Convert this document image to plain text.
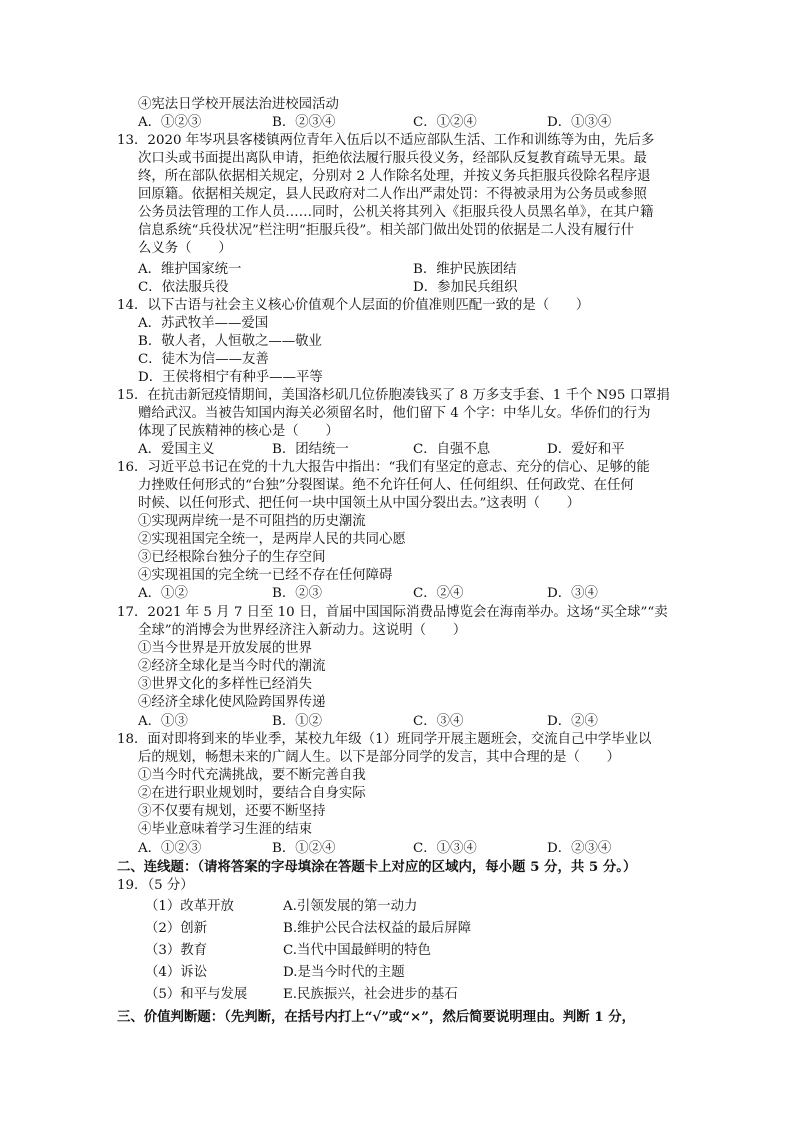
④宪法日学校开展法治进校园活动
A．①②③	B．②③④	C．①②④	D．①③④
13．2020 年岑巩县客楼镇两位青年入伍后以不适应部队生活、工作和训练等为由，先后多
次口头或书面提出离队申请，拒绝依法履行服兵役义务，经部队反复教育疏导无果。最
终，所在部队依据相关规定，分别对 2 人作除名处理，并按义务兵拒服兵役除名程序退
回原籍。依据相关规定，县人民政府对二人作出严肃处罚：不得被录用为公务员或参照
公务员法管理的工作人员……同时，公机关将其列入《拒服兵役人员黑名单》，在其户籍
信息系统“兵役状况”栏注明“拒服兵役”。相关部门做出处罚的依据是二人没有履行什
么义务（　　）
A．维护国家统一	B．维护民族团结
C．依法服兵役	D．参加民兵组织
14．以下古语与社会主义核心价值观个人层面的价值准则匹配一致的是（　　）
A．苏武牧羊——爱国
B．敬人者，人恒敬之——敬业
C．徒木为信——友善
D．王侯将相宁有种乎——平等
15．在抗击新冠疫情期间，美国洛杉矶几位侨胞凑钱买了 8 万多支手套、1 千个 N95 口罩捐
赠给武汉。当被告知国内海关必须留名时，他们留下 4 个字：中华儿女。华侨们的行为
体现了民族精神的核心是（　　）
A．爱国主义	B．团结统一	C．自强不息	D．爱好和平
16．习近平总书记在党的十九大报告中指出：“我们有坚定的意志、充分的信心、足够的能
力挫败任何形式的“台独”分裂图谋。绝不允许任何人、任何组织、任何政党、在任何
时候、以任何形式、把任何一块中国领土从中国分裂出去。”这表明（　　）
①实现两岸统一是不可阻挡的历史潮流
②实现祖国完全统一，是两岸人民的共同心愿
③已经根除台独分子的生存空间
④实现祖国的完全统一已经不存在任何障碍
A．①②	B．②③	C．②④	D．③④
17．2021 年 5 月 7 日至 10 日，首届中国国际消费品博览会在海南举办。这场“买全球”“卖
全球”的消博会为世界经济注入新动力。这说明（　　）
①当今世界是开放发展的世界
②经济全球化是当今时代的潮流
③世界文化的多样性已经消失
④经济全球化使风险跨国界传递
A．①③	B．①②	C．③④	D．②④
18．面对即将到来的毕业季，某校九年级（1）班同学开展主题班会，交流自己中学毕业以
后的规划，畅想未来的广阔人生。以下是部分同学的发言，其中合理的是（　　）
①当今时代充满挑战，要不断完善自我
②在进行职业规划时，要结合自身实际
③不仅要有规划，还要不断坚持
④毕业意味着学习生涯的结束
A．①②③	B．①②④	C．①③④	D．②③④
二、连线题：（请将答案的字母填涂在答题卡上对应的区域内，每小题 5 分，共 5 分。）
19．（5 分）
（1）改革开放	A.引领发展的第一动力
（2）创新	B.维护公民合法权益的最后屏障
（3）教育	C.当代中国最鲜明的特色
（4）诉讼	D.是当今时代的主题
（5）和平与发展	E.民族振兴，社会进步的基石
三、价值判断题：（先判断，在括号内打上“√”或“×”，然后简要说明理由。判断 1 分，
